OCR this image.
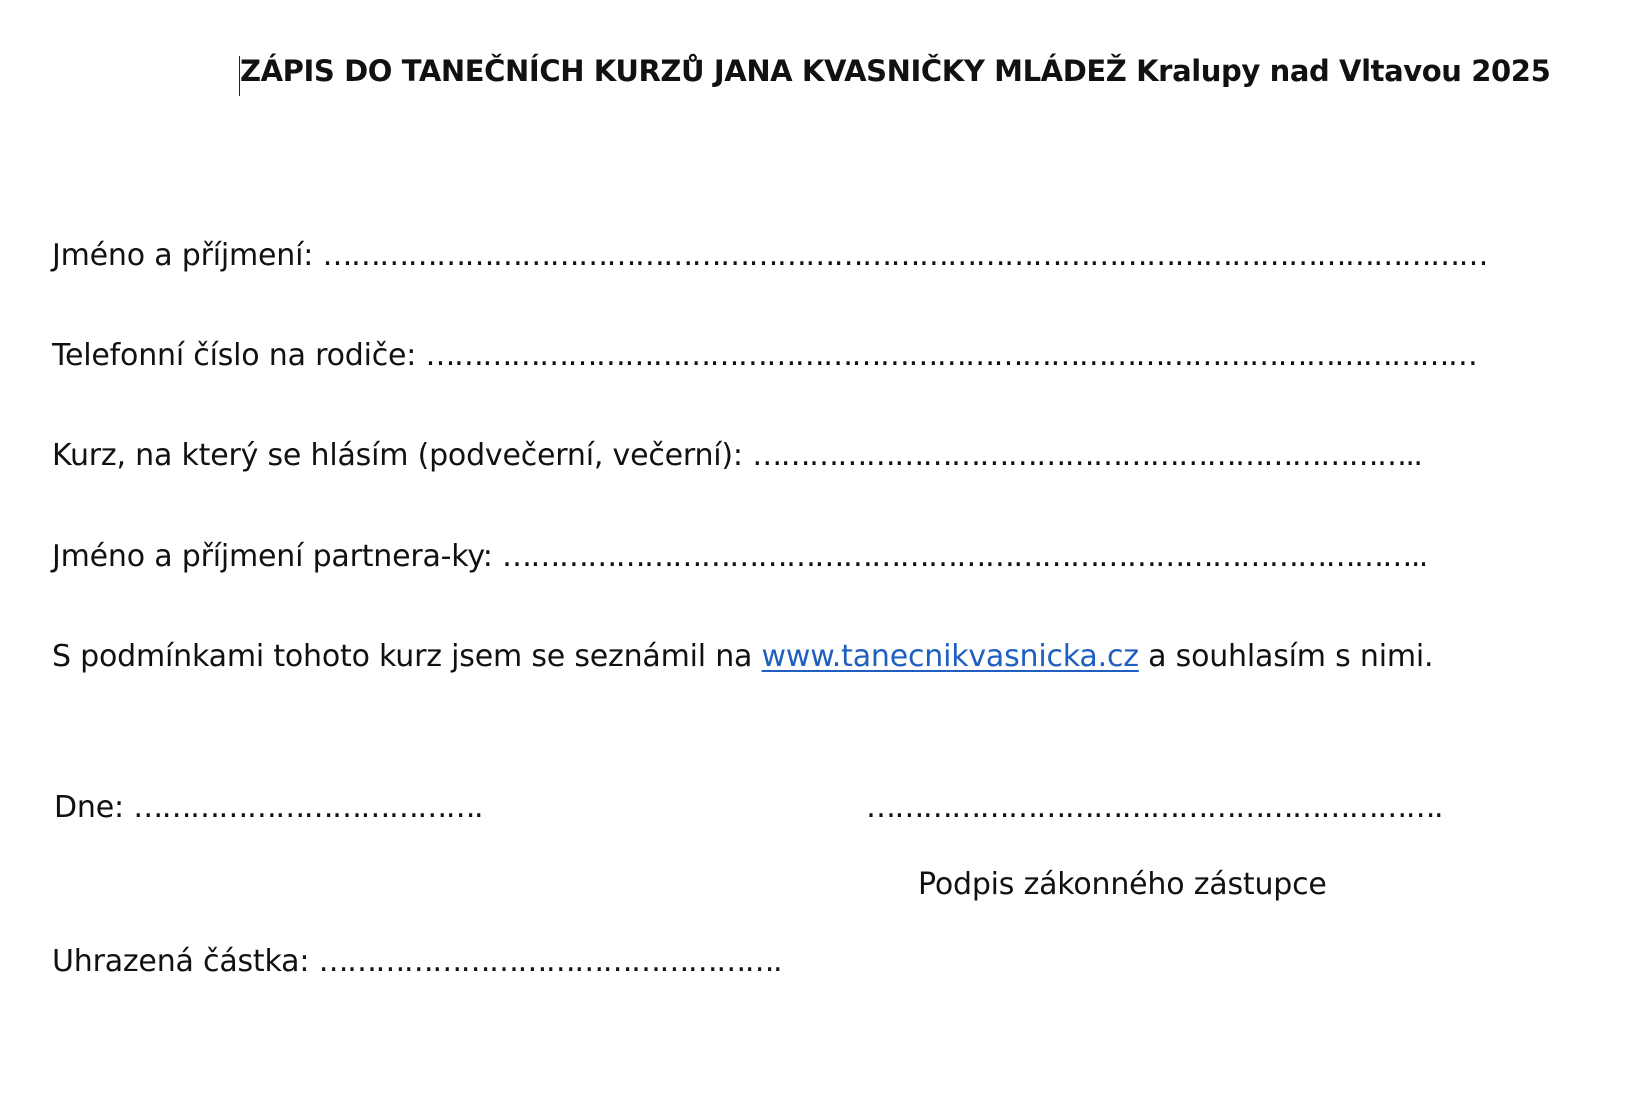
ZÁPIS DO TANEČNÍCH KURZŮ JANA KVASNIČKY MLÁDEŽ Kralupy nad Vltavou 2025
Jméno a příjmení: ……………………………………………………………………………………………………………
Telefonní číslo na rodiče: …………………………………………………………………………………………………
Kurz, na který se hlásím (podvečerní, večerní): ……………………………………………………………..
Jméno a příjmení partnera-ky: ……………………………………………………………………………………..
S podmínkami tohoto kurz jsem se seznámil na www.tanecnikvasnicka.cz a souhlasím s nimi.
Dne: ……………………………….	…………………………………………………….
Podpis zákonného zástupce
Uhrazená částka: ………………………………………….
